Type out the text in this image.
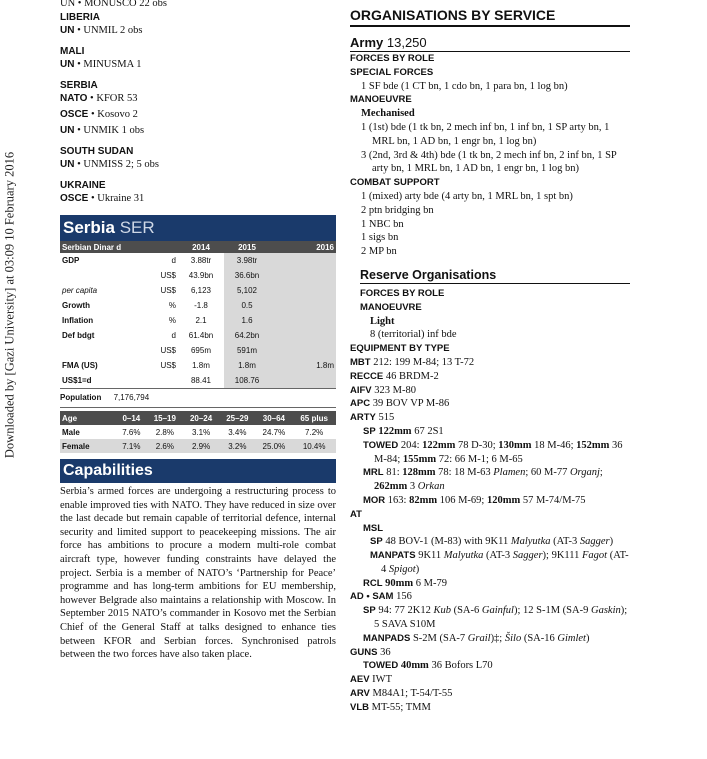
Downloaded by [Gazi University] at 03:09 10 February 2016
UN • MONUSCO 22 obs
LIBERIA
UN • UNMIL 2 obs
MALI
UN • MINUSMA 1
SERBIA
NATO • KFOR 53
OSCE • Kosovo 2
UN • UNMIK 1 obs
SOUTH SUDAN
UN • UNMISS 2; 5 obs
UKRAINE
OSCE • Ukraine 31
Serbia SER
Serbian Dinar d		2014	2015	2016
GDP	d	3.88tr	3.98tr	
	US$	43.9bn	36.6bn	
per capita	US$	6,123	5,102	
Growth	%	-1.8	0.5	
Inflation	%	2.1	1.6	
Def bdgt	d	61.4bn	64.2bn	
	US$	695m	591m	
FMA (US)	US$	1.8m	1.8m	1.8m
US$1=d		88.41	108.76	
Population 7,176,794
Age	0–14	15–19	20–24	25–29	30–64	65 plus
Male	7.6%	2.8%	3.1%	3.4%	24.7%	7.2%
Female	7.1%	2.6%	2.9%	3.2%	25.0%	10.4%
Capabilities
Serbia’s armed forces are undergoing a restructuring process to enable improved ties with NATO. They have reduced in size over the last decade but remain capable of territorial defence, internal security and limited support to peacekeeping missions. The air force has ambitions to procure a modern multi-role combat aircraft type, however funding constraints have delayed the project. Serbia is a member of NATO’s ‘Partnership for Peace’ programme and has long-term ambitions for EU membership, however Belgrade also maintains a relationship with Moscow. In September 2015 NATO’s commander in Kosovo met the Serbian Chief of the General Staff at talks designed to enhance ties between KFOR and Serbian forces. Synchronised patrols between the two forces have also taken place.
ORGANISATIONS BY SERVICE
Army 13,250
FORCES BY ROLE
SPECIAL FORCES
1 SF bde (1 CT bn, 1 cdo bn, 1 para bn, 1 log bn)
MANOEUVRE
Mechanised
1 (1st) bde (1 tk bn, 2 mech inf bn, 1 inf bn, 1 SP arty bn, 1 MRL bn, 1 AD bn, 1 engr bn, 1 log bn)
3 (2nd, 3rd & 4th) bde (1 tk bn, 2 mech inf bn, 2 inf bn, 1 SP arty bn, 1 MRL bn, 1 AD bn, 1 engr bn, 1 log bn)
COMBAT SUPPORT
1 (mixed) arty bde (4 arty bn, 1 MRL bn, 1 spt bn)
2 ptn bridging bn
1 NBC bn
1 sigs bn
2 MP bn
Reserve Organisations
FORCES BY ROLE
MANOEUVRE
Light
8 (territorial) inf bde
EQUIPMENT BY TYPE
MBT 212: 199 M-84; 13 T-72
RECCE 46 BRDM-2
AIFV 323 M-80
APC 39 BOV VP M-86
ARTY 515
SP 122mm 67 2S1
TOWED 204: 122mm 78 D-30; 130mm 18 M-46; 152mm 36 M-84; 155mm 72: 66 M-1; 6 M-65
MRL 81: 128mm 78: 18 M-63 Plamen; 60 M-77 Organj; 262mm 3 Orkan
MOR 163: 82mm 106 M-69; 120mm 57 M-74/M-75
AT
MSL
SP 48 BOV-1 (M-83) with 9K11 Malyutka (AT-3 Sagger)
MANPATS 9K11 Malyutka (AT-3 Sagger); 9K111 Fagot (AT-4 Spigot)
RCL 90mm 6 M-79
AD • SAM 156
SP 94: 77 2K12 Kub (SA-6 Gainful); 12 S-1M (SA-9 Gaskin); 5 SAVA S10M
MANPADS S-2M (SA-7 Grail)‡; Šilo (SA-16 Gimlet)
GUNS 36
TOWED 40mm 36 Bofors L70
AEV IWT
ARV M84A1; T-54/T-55
VLB MT-55; TMM
